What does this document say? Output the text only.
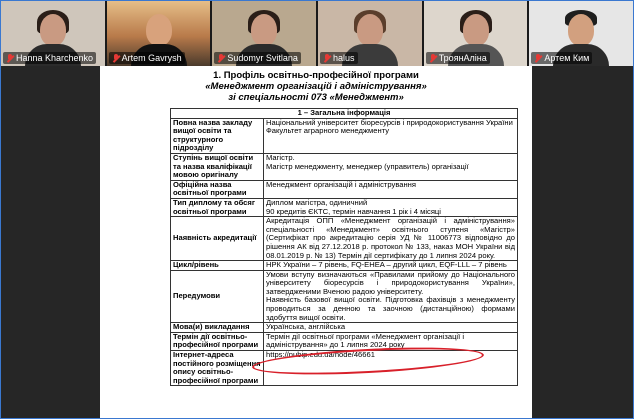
Hanna Kharchenko	Artem Gavrysh	Sudomyr Svitlana	halus	ТроянАліна	Артем Ким
1. Профіль освітньо-професійної програми
«Менеджмент організацій і адміністрування»
зі спеціальності 073 «Менеджмент»
1 – Загальна інформація	
Повна назва закладу вищої освіти та структурного підрозділу	Національний університет біоресурсів і природокористування України
Факультет аграрного менеджменту
Ступінь вищої освіти та назва кваліфікації мовою оригіналу	Магістр.
Магістр менеджменту, менеджер (управитель) організації
Офіційна назва освітньої програми	Менеджмент організацій і адміністрування
Тип диплому та обсяг освітньої програми	Диплом магістра, одиничний
90 кредитів ЄКТС, термін навчання 1 рік і 4 місяці
Наявність акредитації	Акредитація ОПП «Менеджмент організацій і адміністрування» спеціальності «Менеджмент» освітнього ступеня «Магістр» (Сертифікат про акредитацію серія УД № 11006773 відповідно до рішення АК від 27.12.2018 р. протокол № 133, наказ МОН України від 08.01.2019 р. № 13) Термін дії сертифікату до 1 липня 2024 року.
Цикл/рівень	НРК України – 7 рівень, FQ-EHEA – другий цикл, EQF-LLL – 7 рівень
Передумови	Умови вступу визначаються «Правилами прийому до Національного університету біоресурсів і природокористування України», затвердженими Вченою радою університету.
Наявність базової вищої освіти. Підготовка фахівців з менеджменту проводиться за денною та заочною (дистанційною) формами здобуття вищої освіти.
Мова(и) викладання	Українська, англійська
Термін дії освітньо-професійної програми	Термін дії освітньої програми «Менеджмент організації і адміністрування» до 1 липня 2024 року
Інтернет-адреса постійного розміщення опису освітньо-професійної програми	https://nubip.edu.ua/node/46661
